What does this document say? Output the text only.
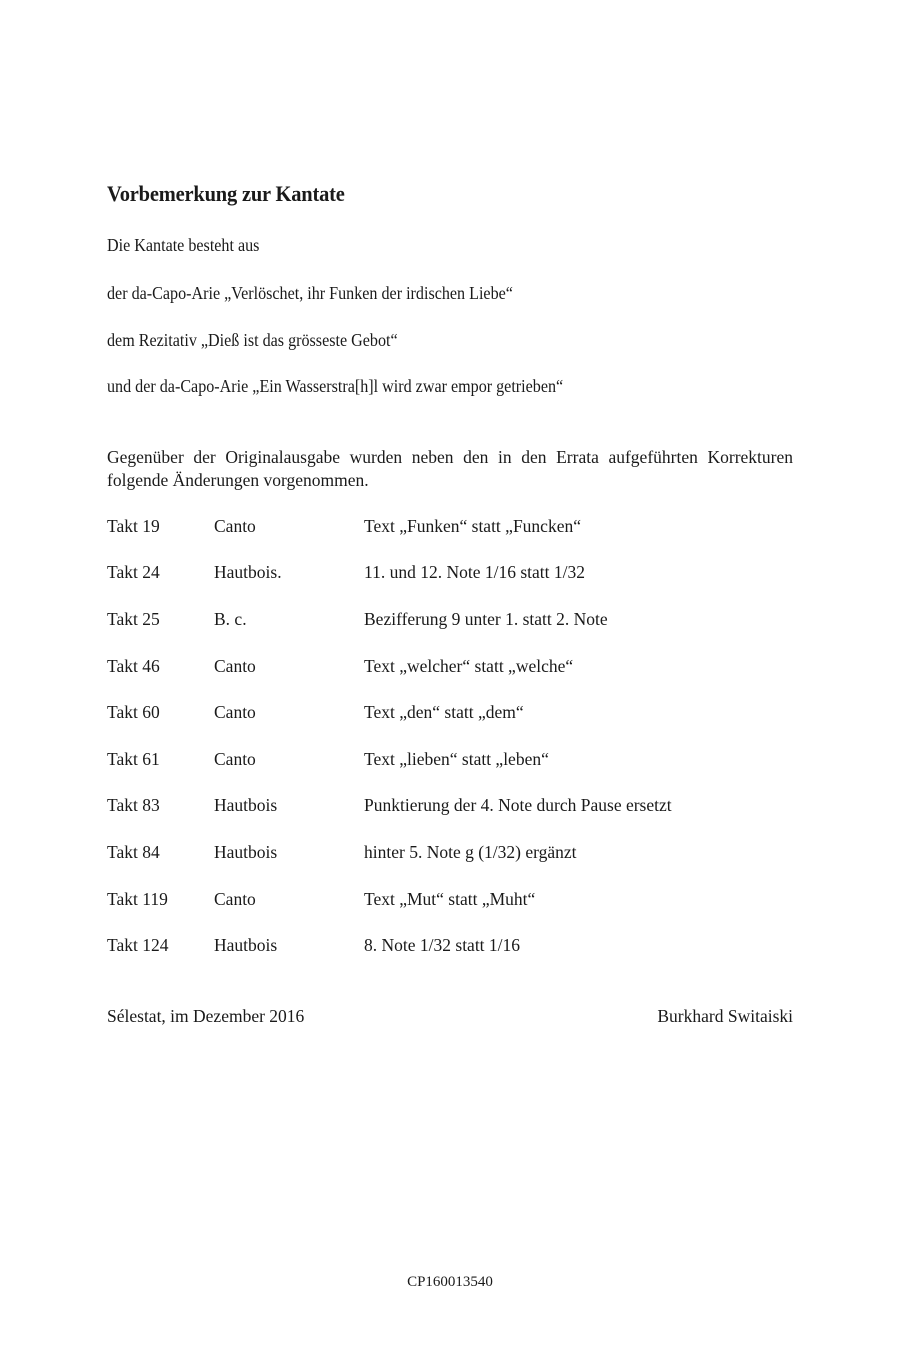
Vorbemerkung zur Kantate
Die Kantate besteht aus
der da-Capo-Arie „Verlöschet, ihr Funken der irdischen Liebe“
dem Rezitativ „Dieß ist das grösseste Gebot“
und der da-Capo-Arie „Ein Wasserstra[h]l wird zwar empor getrieben“
Gegenüber der Originalausgabe wurden neben den in den Errata aufgeführten Korrekturen folgende Änderungen vorgenommen.
Takt 19	Canto	Text „Funken“ statt „Funcken“
Takt 24	Hautbois.	11. und 12. Note 1/16 statt 1/32
Takt 25	B. c.	Bezifferung 9 unter 1. statt 2. Note
Takt 46	Canto	Text „welcher“ statt „welche“
Takt 60	Canto	Text „den“ statt „dem“
Takt 61	Canto	Text „lieben“ statt „leben“
Takt 83	Hautbois	Punktierung der 4. Note durch Pause ersetzt
Takt 84	Hautbois	hinter 5. Note g (1/32) ergänzt
Takt 119	Canto	Text „Mut“ statt „Muht“
Takt 124	Hautbois	8. Note 1/32 statt 1/16
Sélestat, im Dezember 2016	Burkhard Switaiski
CP160013540
